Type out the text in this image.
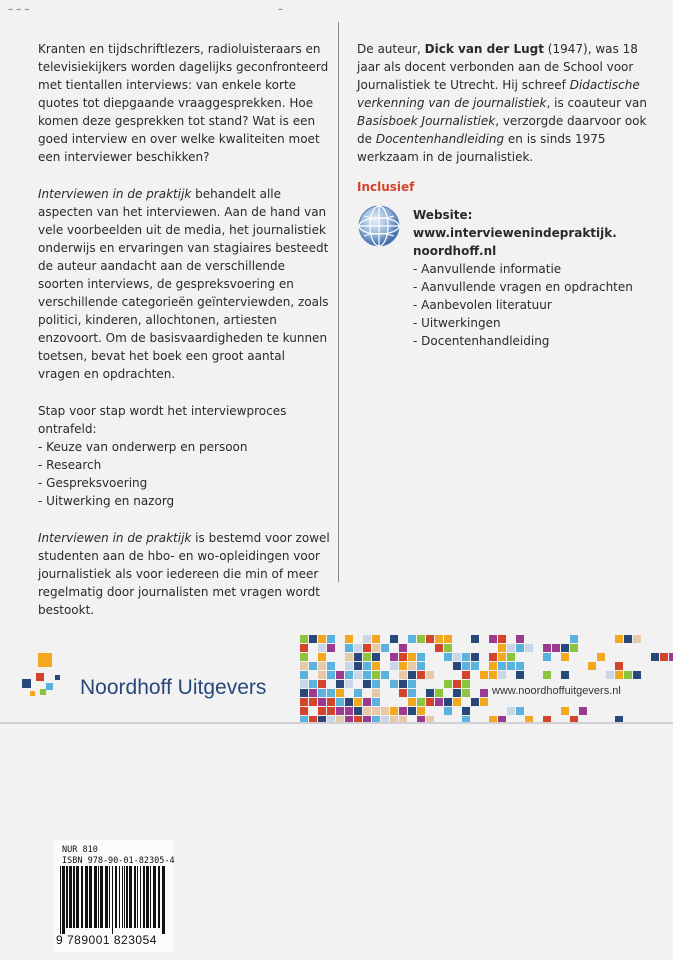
– – –	–

Kranten en tijdschriftlezers, radioluisteraars en televisiekijkers worden dagelijks geconfronteerd met tientallen interviews: van enkele korte quotes tot diepgaande vraaggesprekken. Hoe komen deze gesprekken tot stand? Wat is een goed interview en over welke kwaliteiten moet een interviewer beschikken?

Interviewen in de praktijk behandelt alle aspecten van het interviewen. Aan de hand van vele voorbeelden uit de media, het journalistiek onderwijs en ervaringen van stagiaires besteedt de auteur aandacht aan de verschillende soorten interviews, de gespreksvoering en verschillende categorieën geïnterviewden, zoals politici, kinderen, allochtonen, artiesten enzovoort. Om de basisvaardigheden te kunnen toetsen, bevat het boek een groot aantal vragen en opdrachten.

Stap voor stap wordt het interviewproces ontrafeld:
- Keuze van onderwerp en persoon
- Research
- Gespreksvoering
- Uitwerking en nazorg

Interviewen in de praktijk is bestemd voor zowel studenten aan de hbo- en wo-opleidingen voor journalistiek als voor iedereen die min of meer regelmatig door journalisten met vragen wordt bestookt.

De auteur, Dick van der Lugt (1947), was 18 jaar als docent verbonden aan de School voor Journalistiek te Utrecht. Hij schreef Didactische verkenning van de journalistiek, is coauteur van Basisboek Journalistiek, verzorgde daarvoor ook de Docentenhandleiding en is sinds 1975 werkzaam in de journalistiek.

Inclusief
Website:
www.interviewenindepraktijk.
noordhoff.nl
- Aanvullende informatie
- Aanvullende vragen en opdrachten
- Aanbevolen literatuur
- Uitwerkingen
- Docentenhandleiding
Noordhoff Uitgevers	www.noordhoffuitgevers.nl
NUR 810
ISBN 978-90-01-82305-4
9 789001 823054
